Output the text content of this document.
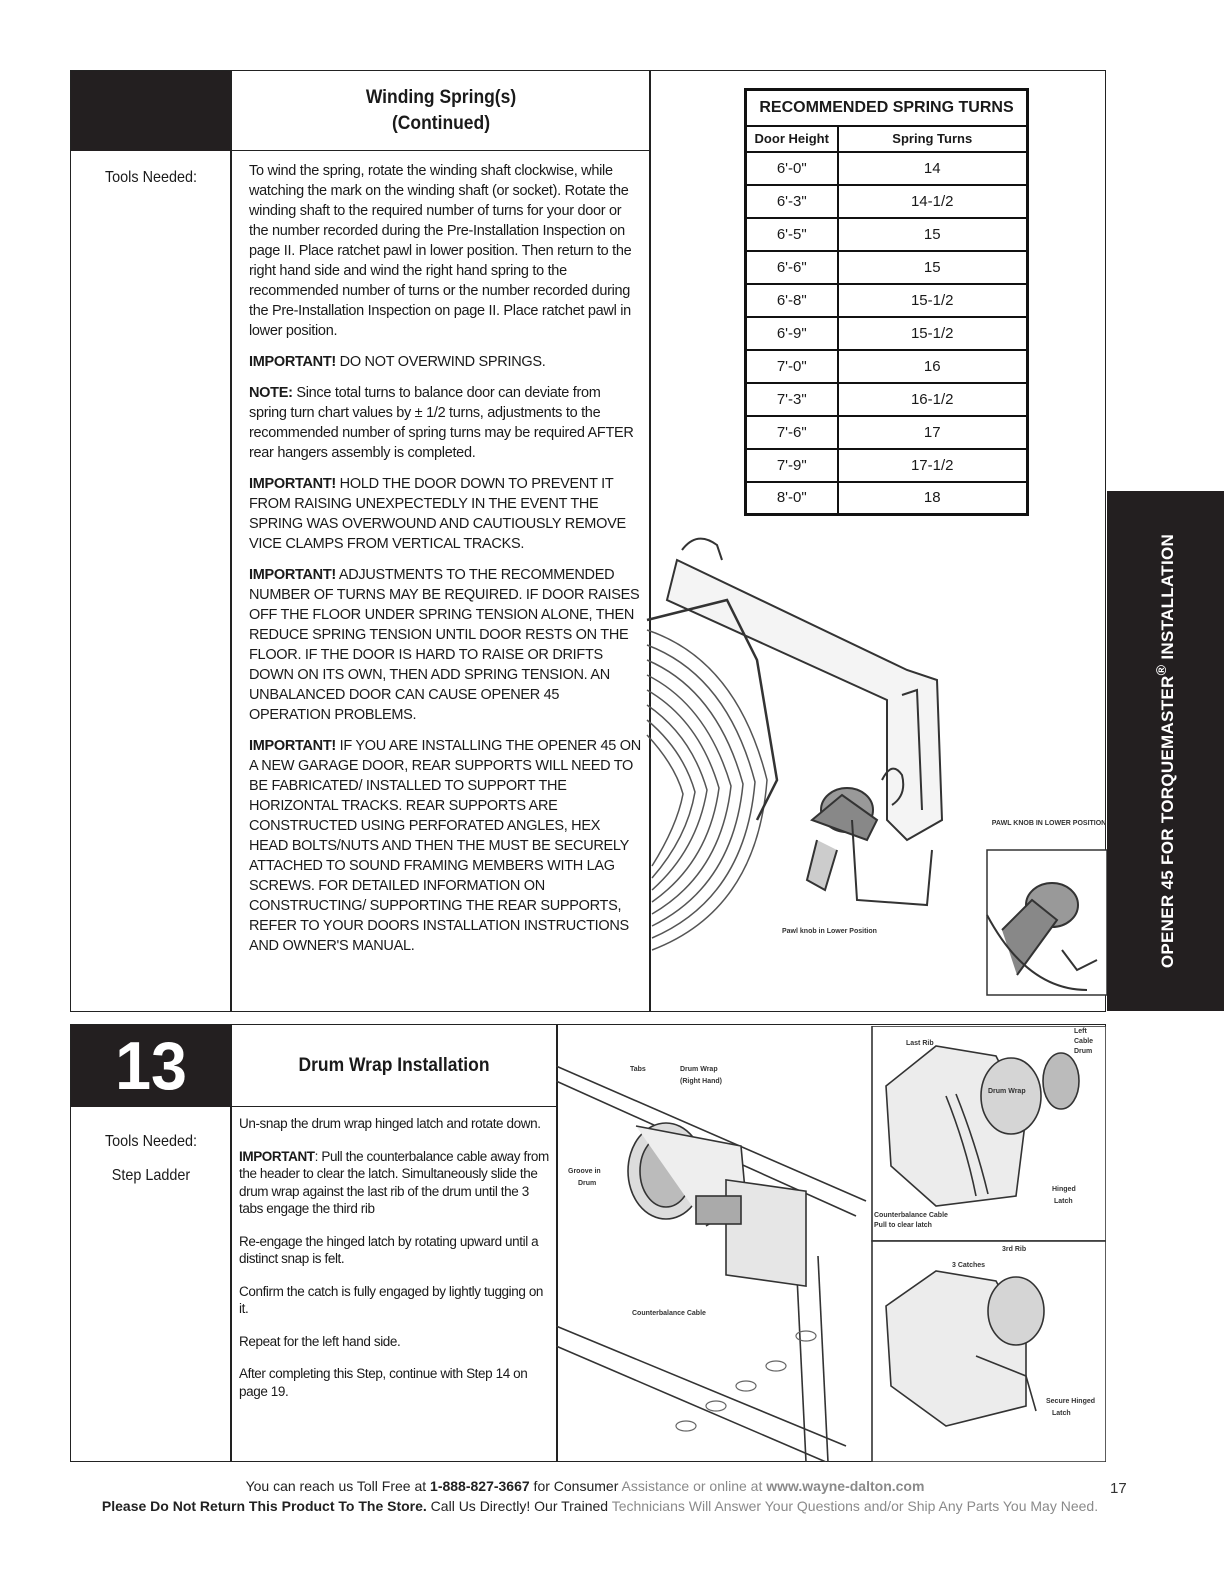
Winding Spring(s)
(Continued)
Tools Needed:	To wind the spring, rotate the winding shaft clockwise, while watching the mark on the winding shaft (or socket). Rotate the winding shaft to the required number of turns for your door or the number recorded during the Pre-Installation Inspection on page II. Place ratchet pawl in lower position. Then return to the right hand side and wind the right hand spring to the recommended number of turns or the number recorded during the Pre-Installation Inspection on page II. Place ratchet pawl in lower position.

IMPORTANT! DO NOT OVERWIND SPRINGS.

NOTE: Since total turns to balance door can deviate from spring turn chart values by ± 1/2 turns, adjustments to the recommended number of spring turns may be required AFTER rear hangers assembly is completed.

IMPORTANT! HOLD THE DOOR DOWN TO PREVENT IT FROM RAISING UNEXPECTEDLY IN THE EVENT THE SPRING WAS OVERWOUND AND CAUTIOUSLY REMOVE VICE CLAMPS FROM VERTICAL TRACKS.

IMPORTANT! ADJUSTMENTS TO THE RECOMMENDED NUMBER OF TURNS MAY BE REQUIRED. IF DOOR RAISES OFF THE FLOOR UNDER SPRING TENSION ALONE, THEN REDUCE SPRING TENSION UNTIL DOOR RESTS ON THE FLOOR. IF THE DOOR IS HARD TO RAISE OR DRIFTS DOWN ON ITS OWN, THEN ADD SPRING TENSION. AN UNBALANCED DOOR CAN CAUSE OPENER 45 OPERATION PROBLEMS.

IMPORTANT! IF YOU ARE INSTALLING THE OPENER 45 ON A NEW GARAGE DOOR, REAR SUPPORTS WILL NEED TO BE FABRICATED/ INSTALLED TO SUPPORT THE HORIZONTAL TRACKS. REAR SUPPORTS ARE CONSTRUCTED USING PERFORATED ANGLES, HEX HEAD BOLTS/NUTS AND THEN THE MUST BE SECURELY ATTACHED TO SOUND FRAMING MEMBERS WITH LAG SCREWS. FOR DETAILED INFORMATION ON CONSTRUCTING/ SUPPORTING THE REAR SUPPORTS, REFER TO YOUR DOORS INSTALLATION INSTRUCTIONS AND OWNER'S MANUAL.

RECOMMENDED SPRING TURNS	
Door Height	Spring Turns
6'-0"	14
6'-3"	14-1/2
6'-5"	15
6'-6"	15
6'-8"	15-1/2
6'-9"	15-1/2
7'-0"	16
7'-3"	16-1/2
7'-6"	17
7'-9"	17-1/2
8'-0"	18
Pawl knob in Lower Position
PAWL KNOB IN LOWER POSITION	OPENER 45 FOR TORQUEMASTER® INSTALLATION
13	Drum Wrap Installation
Tools Needed:
Step Ladder

Un-snap the drum wrap hinged latch and rotate down.

IMPORTANT: Pull the counterbalance cable away from the header to clear the latch. Simultaneously slide the drum wrap against the last rib of the drum until the 3 tabs engage the third rib

Re-engage the hinged latch by rotating upward until a distinct snap is felt.

Confirm the catch is fully engaged by lightly tugging on it.

Repeat for the left hand side.

After completing this Step, continue with Step 14 on page 19.

Tabs	Drum Wrap
(Right Hand)
Groove in
Drum
Counterbalance Cable
Last Rib
Left
Cable
Drum
Drum Wrap
Hinged
Latch
Counterbalance Cable
Pull to clear latch
3rd Rib
3 Catches
Secure Hinged
Latch
You can reach us Toll Free at 1-888-827-3667 for Consumer Assistance or online at www.wayne-dalton.com
Please Do Not Return This Product To The Store. Call Us Directly! Our Trained Technicians Will Answer Your Questions and/or Ship Any Parts You May Need.
17
